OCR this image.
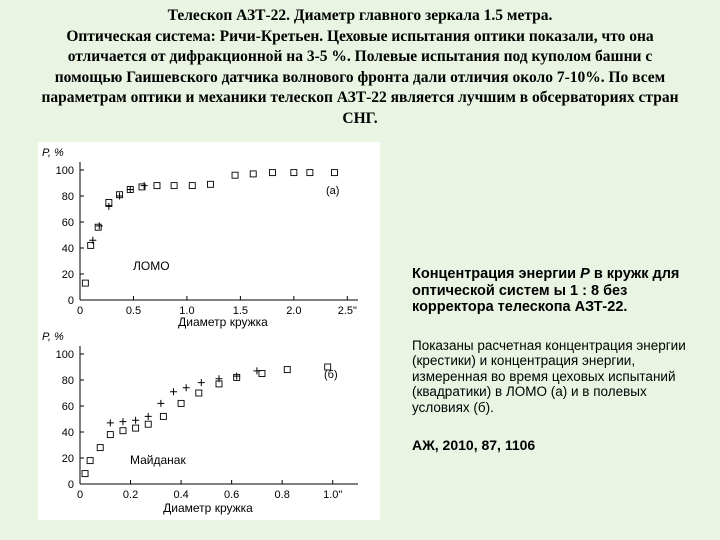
Телескоп АЗТ-22. Диаметр главного зеркала 1.5 метра.
Оптическая система: Ричи-Кретьен. Цеховые испытания оптики показали, что она отличается от дифракционной на 3-5 %. Полевые испытания под куполом башни с помощью Гаишевского датчика волнового фронта дали отличия около 7-10%. По всем параметрам оптики и механики телескоп АЗТ-22 является лучшим в обсерваториях стран СНГ.
0
20
40
60
80
100
0	0.5	1.0	1.5	2.0	2.5"
P, %
Диаметр кружка
ЛОМО
(а)
0
20
40
60
80
100
0	0.2	0.4	0.6	0.8	1.0"
P, %
Диаметр кружка
Майданак
(б)

Концентрация энергии Р в кружк для оптической систем ы 1 : 8 без корректора телескопа АЗТ-22.

Показаны расчетная концентрация энергии (крестики) и концентрация энергии, измеренная во время цеховых испытаний (квадратики) в ЛОМО (а) и в полевых условиях (б).

АЖ, 2010, 87, 1106
